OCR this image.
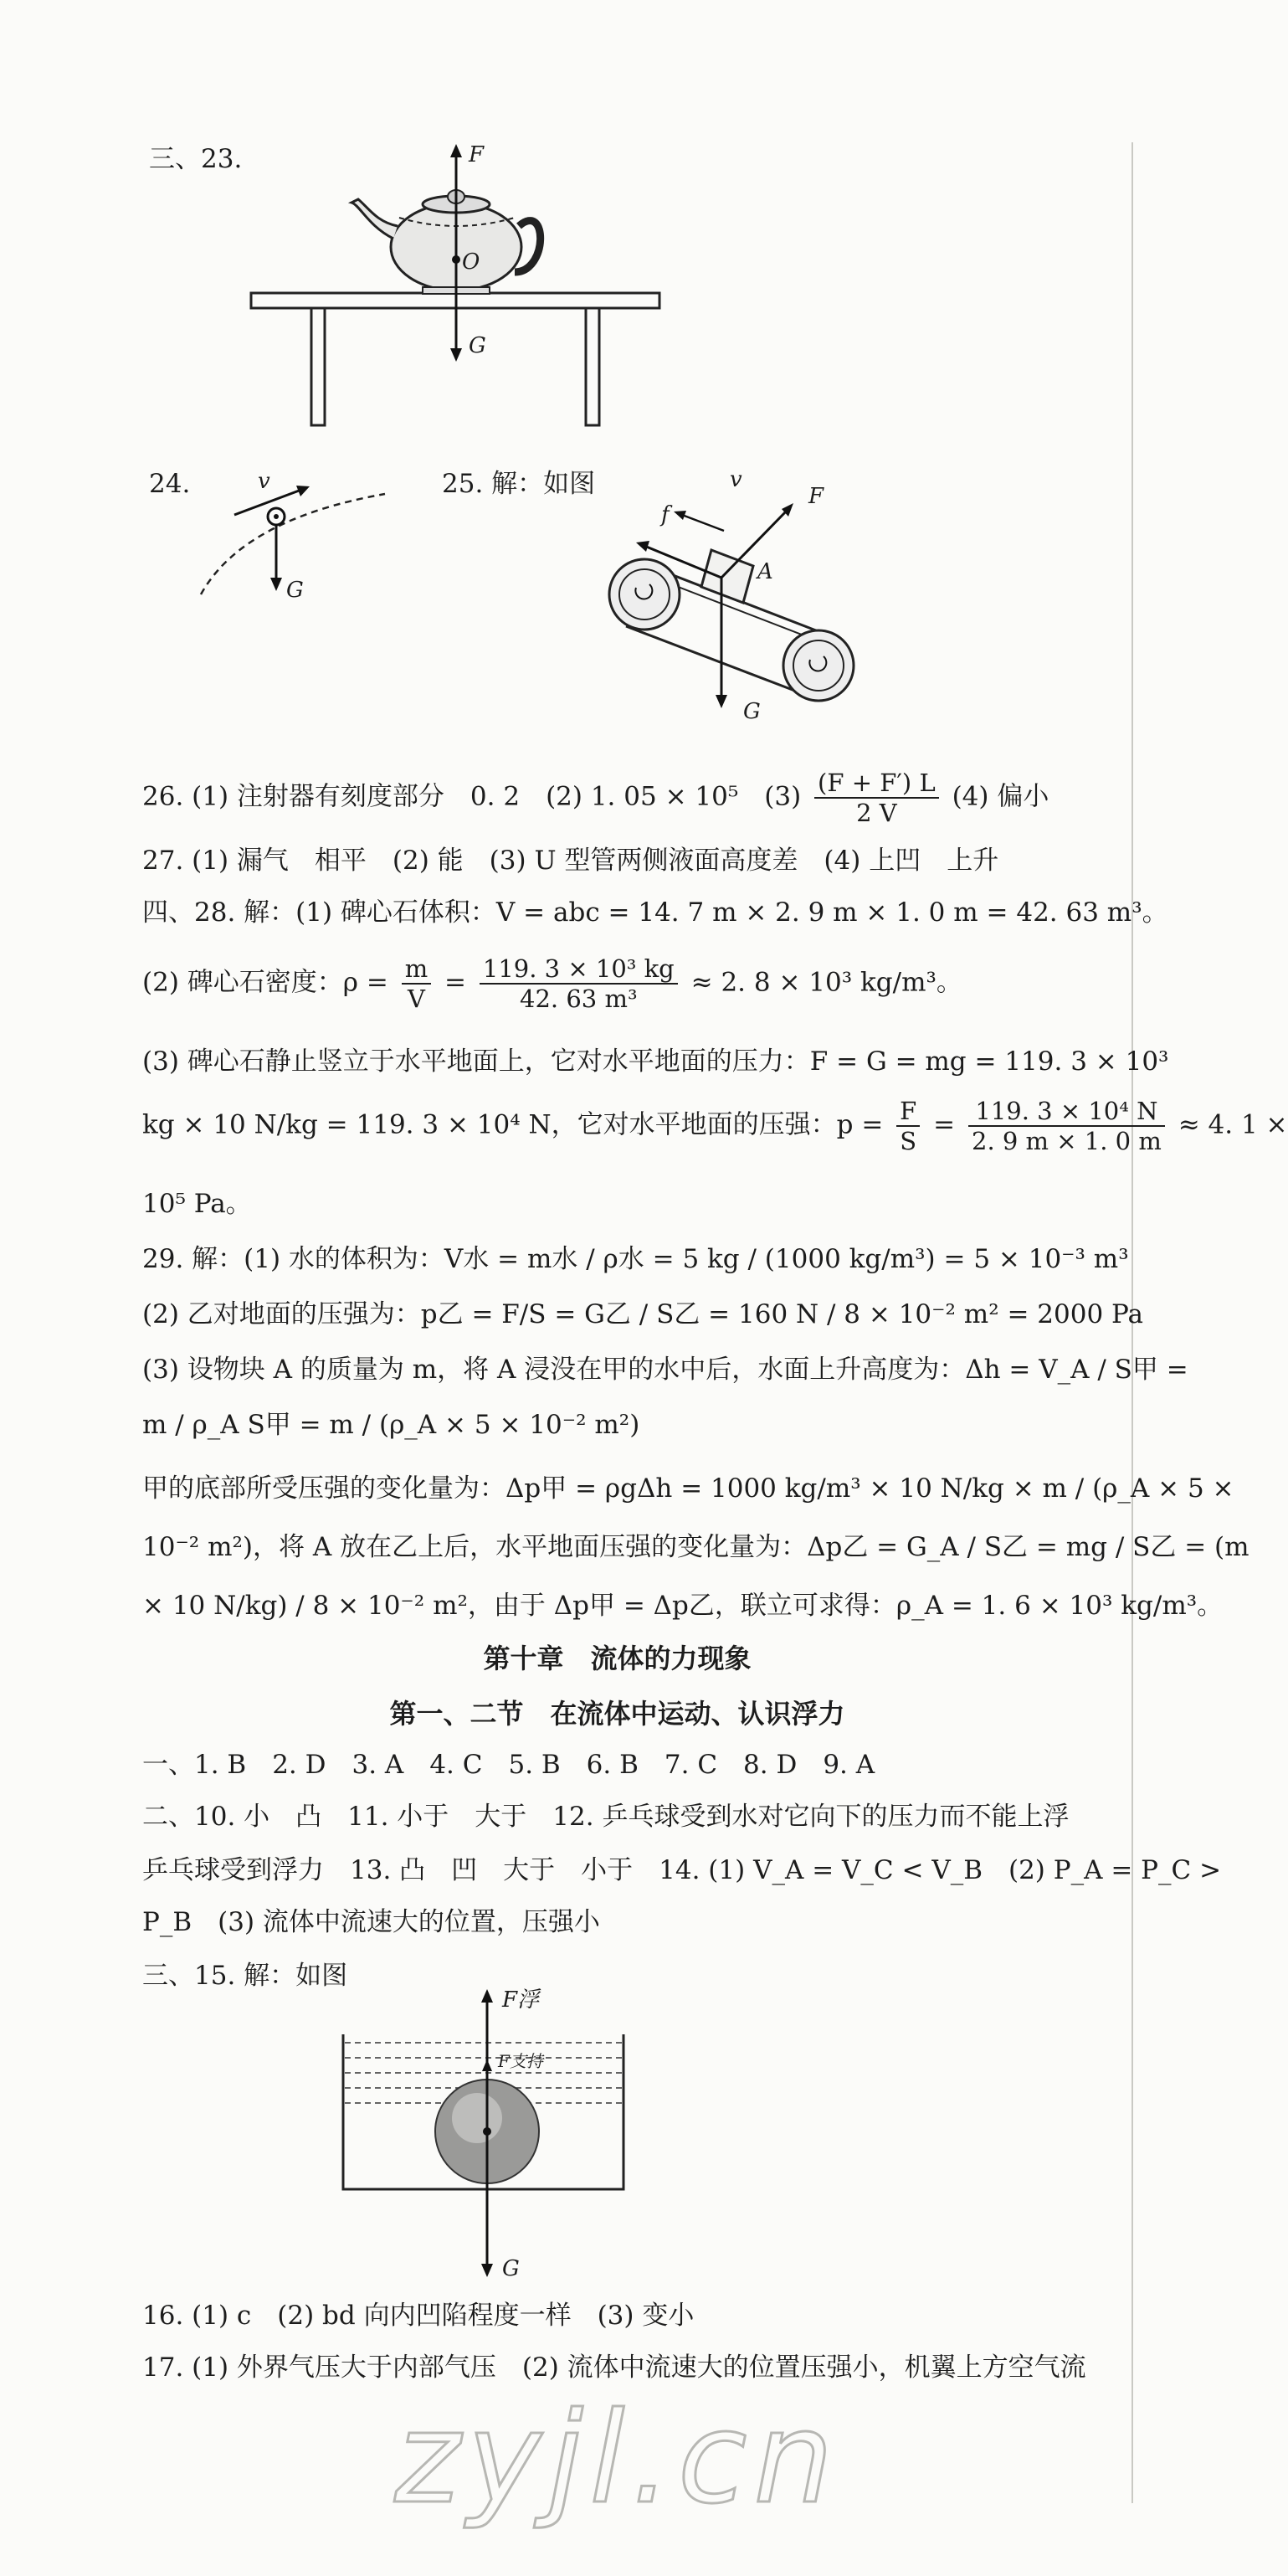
三、23.	F
O
G
24.	v
G
25. 解：如图	v
F
f
A
G
26. (1) 注射器有刻度部分　0. 2　(2) 1. 05 × 10⁵　$(3) \frac{(F + F') L}{2 V} (4)$ 偏小
27. (1) 漏气　相平　(2) 能　(3) U 型管两侧液面高度差　(4) 上凹　上升
四、28. 解：(1) 碑心石体积：V = abc = 14. 7 m × 2. 9 m × 1. 0 m = 42. 63 m³。
(2) 碑心石密度：$\rho = \frac{m}{V} = \frac{\text{119. 3 × 10³ kg}}{\text{42. 63 m³}} \approx 2$. 8 × 10³ kg/m³。
(3) 碑心石静止竖立于水平地面上，它对水平地面的压力：F = G = mg = 119. 3 × 10³
kg × 10 N/kg = 119. 3 × 10⁴ N，它对水平地面的压强：$p = \frac{F}{S} = \frac{\text{119. 3 × 10⁴ N}}{2. 9 m \times 1. 0 m} \approx 4$. 1 ×
10⁵ Pa。
29. 解：(1) 水的体积为：V水 = m水 / ρ水 = 5 kg / (1000 kg/m³) = 5 × 10⁻³ m³
(2) 乙对地面的压强为：p乙 = F/S = G乙 / S乙 = 160 N / 8 × 10⁻² m² = 2000 Pa
(3) 设物块 A 的质量为 m，将 A 浸没在甲的水中后，水面上升高度为：Δh = V_A / S甲 =
m / ρ_A S甲 = m / (ρ_A × 5 × 10⁻² m²)
甲的底部所受压强的变化量为：Δp甲 = ρgΔh = 1000 kg/m³ × 10 N/kg × m / (ρ_A × 5 ×
10⁻² m²)，将 A 放在乙上后，水平地面压强的变化量为：Δp乙 = G_A / S乙 = mg / S乙 = (m
× 10 N/kg) / 8 × 10⁻² m²，由于 Δp甲 = Δp乙，联立可求得：ρ_A = 1. 6 × 10³ kg/m³。
第十章　流体的力现象
第一、二节　在流体中运动、认识浮力
一、1. B　2. D　3. A　4. C　5. B　6. B　7. C　8. D　9. A
二、10. 小　凸　11. 小于　大于　12. 乒乓球受到水对它向下的压力而不能上浮
乒乓球受到浮力　13. 凸　凹　大于　小于　14. (1) V_A = V_C < V_B　(2) P_A = P_C >
P_B　(3) 流体中流速大的位置，压强小
三、15. 解：如图
F浮
F支持
G
16. (1) c　(2) bd 向内凹陷程度一样　(3) 变小
17. (1) 外界气压大于内部气压　(2) 流体中流速大的位置压强小，机翼上方空气流
zyjl.cn
